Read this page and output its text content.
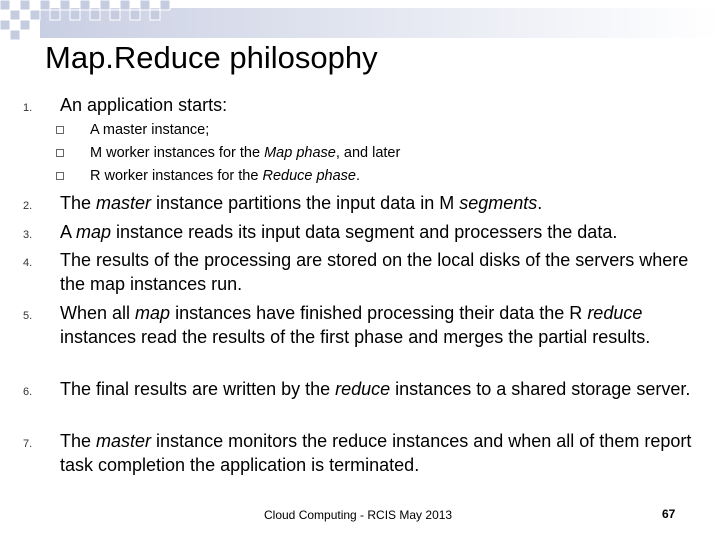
Map.Reduce philosophy
1. An application starts:
A master instance;
M worker instances for the Map phase, and later
R worker instances for the Reduce phase.
2. The master instance partitions the input data in M segments.
3. A map instance reads its input data segment and processers the data.
4. The results of the processing are stored on the local disks of the servers where the map instances run.
5. When all map instances have finished processing their data the R reduce instances read the results of the first phase and merges the partial results.
6. The final results are written by the reduce instances to a shared storage server.
7. The master instance monitors the reduce instances and when all of them report task completion the application is terminated.
Cloud Computing - RCIS May 2013	67
